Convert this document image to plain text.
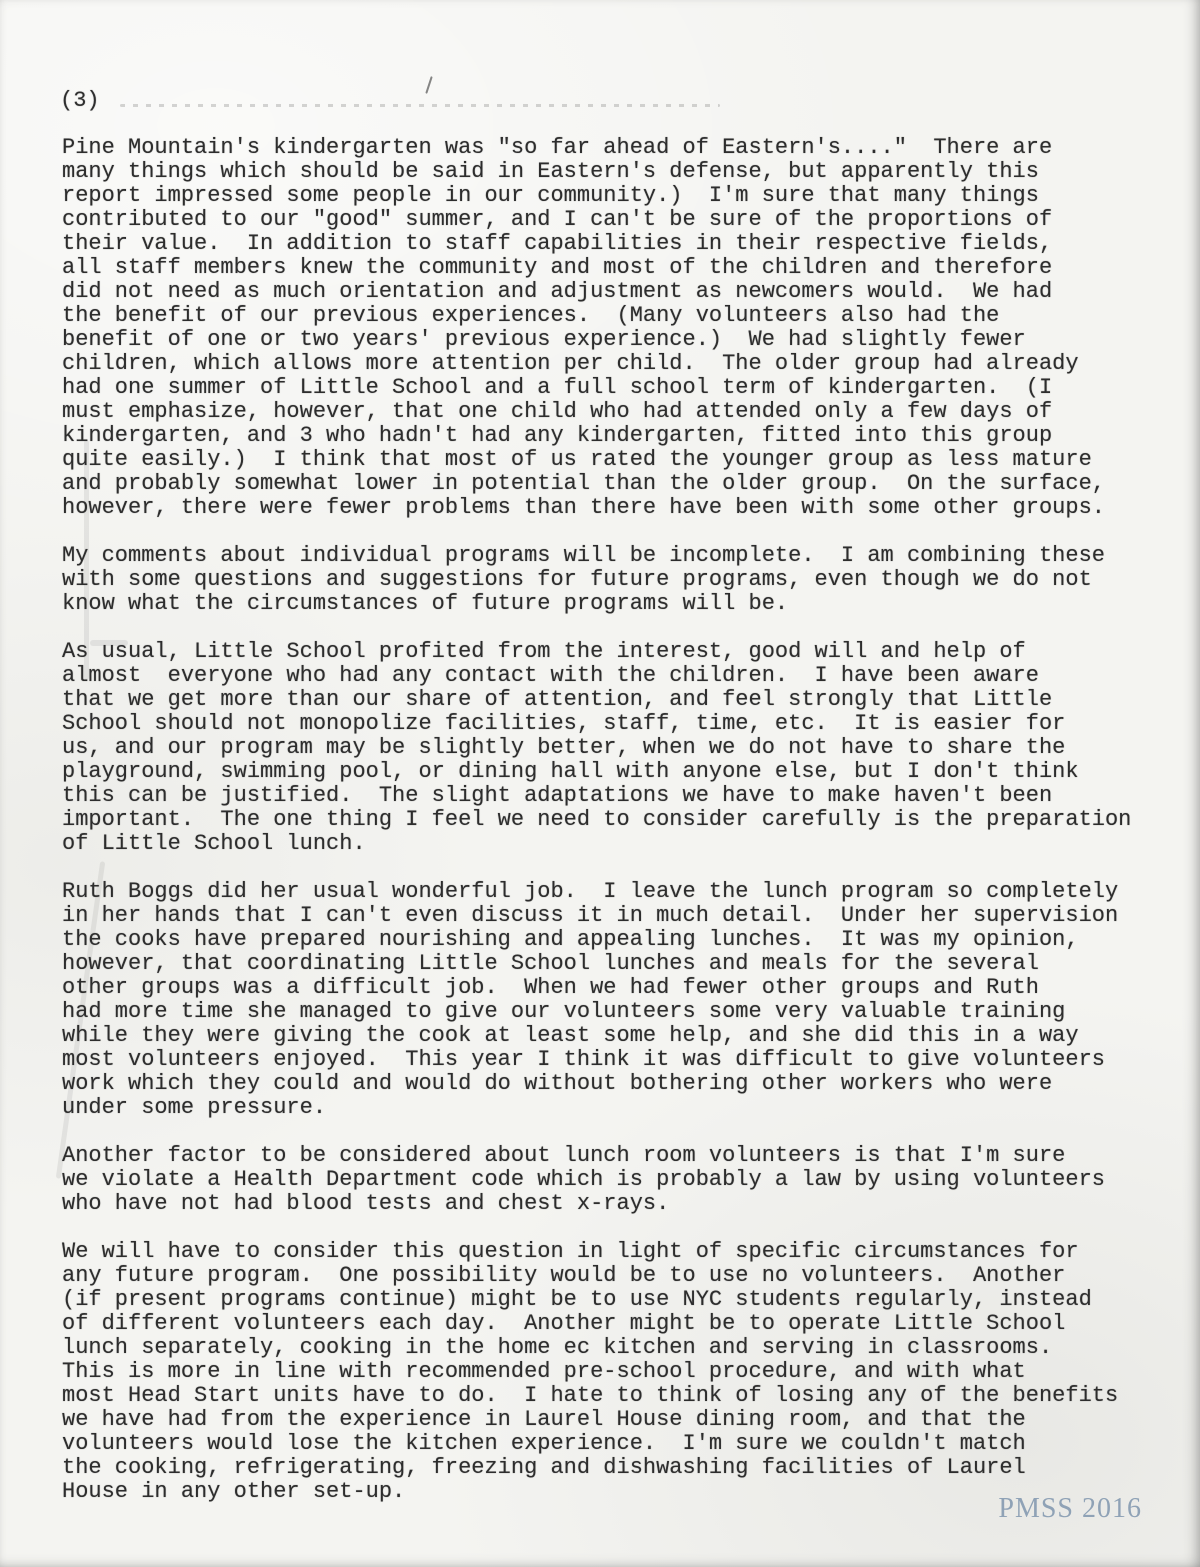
(3)

Pine Mountain's kindergarten was "so far ahead of Eastern's...."  There are
many things which should be said in Eastern's defense, but apparently this
report impressed some people in our community.)  I'm sure that many things
contributed to our "good" summer, and I can't be sure of the proportions of
their value.  In addition to staff capabilities in their respective fields,
all staff members knew the community and most of the children and therefore
did not need as much orientation and adjustment as newcomers would.  We had
the benefit of our previous experiences.  (Many volunteers also had the
benefit of one or two years' previous experience.)  We had slightly fewer
children, which allows more attention per child.  The older group had already
had one summer of Little School and a full school term of kindergarten.  (I
must emphasize, however, that one child who had attended only a few days of
kindergarten, and 3 who hadn't had any kindergarten, fitted into this group
quite easily.)  I think that most of us rated the younger group as less mature
and probably somewhat lower in potential than the older group.  On the surface,
however, there were fewer problems than there have been with some other groups.

My comments about individual programs will be incomplete.  I am combining these
with some questions and suggestions for future programs, even though we do not
know what the circumstances of future programs will be.

As usual, Little School profited from the interest, good will and help of
almost  everyone who had any contact with the children.  I have been aware
that we get more than our share of attention, and feel strongly that Little
School should not monopolize facilities, staff, time, etc.  It is easier for
us, and our program may be slightly better, when we do not have to share the
playground, swimming pool, or dining hall with anyone else, but I don't think
this can be justified.  The slight adaptations we have to make haven't been
important.  The one thing I feel we need to consider carefully is the preparation
of Little School lunch.

Ruth Boggs did her usual wonderful job.  I leave the lunch program so completely
in her hands that I can't even discuss it in much detail.  Under her supervision
the cooks have prepared nourishing and appealing lunches.  It was my opinion,
however, that coordinating Little School lunches and meals for the several
other groups was a difficult job.  When we had fewer other groups and Ruth
had more time she managed to give our volunteers some very valuable training
while they were giving the cook at least some help, and she did this in a way
most volunteers enjoyed.  This year I think it was difficult to give volunteers
work which they could and would do without bothering other workers who were
under some pressure.

Another factor to be considered about lunch room volunteers is that I'm sure
we violate a Health Department code which is probably a law by using volunteers
who have not had blood tests and chest x-rays.

We will have to consider this question in light of specific circumstances for
any future program.  One possibility would be to use no volunteers.  Another
(if present programs continue) might be to use NYC students regularly, instead
of different volunteers each day.  Another might be to operate Little School
lunch separately, cooking in the home ec kitchen and serving in classrooms.
This is more in line with recommended pre-school procedure, and with what
most Head Start units have to do.  I hate to think of losing any of the benefits
we have had from the experience in Laurel House dining room, and that the
volunteers would lose the kitchen experience.  I'm sure we couldn't match
the cooking, refrigerating, freezing and dishwashing facilities of Laurel
House in any other set-up.

PMSS 2016
